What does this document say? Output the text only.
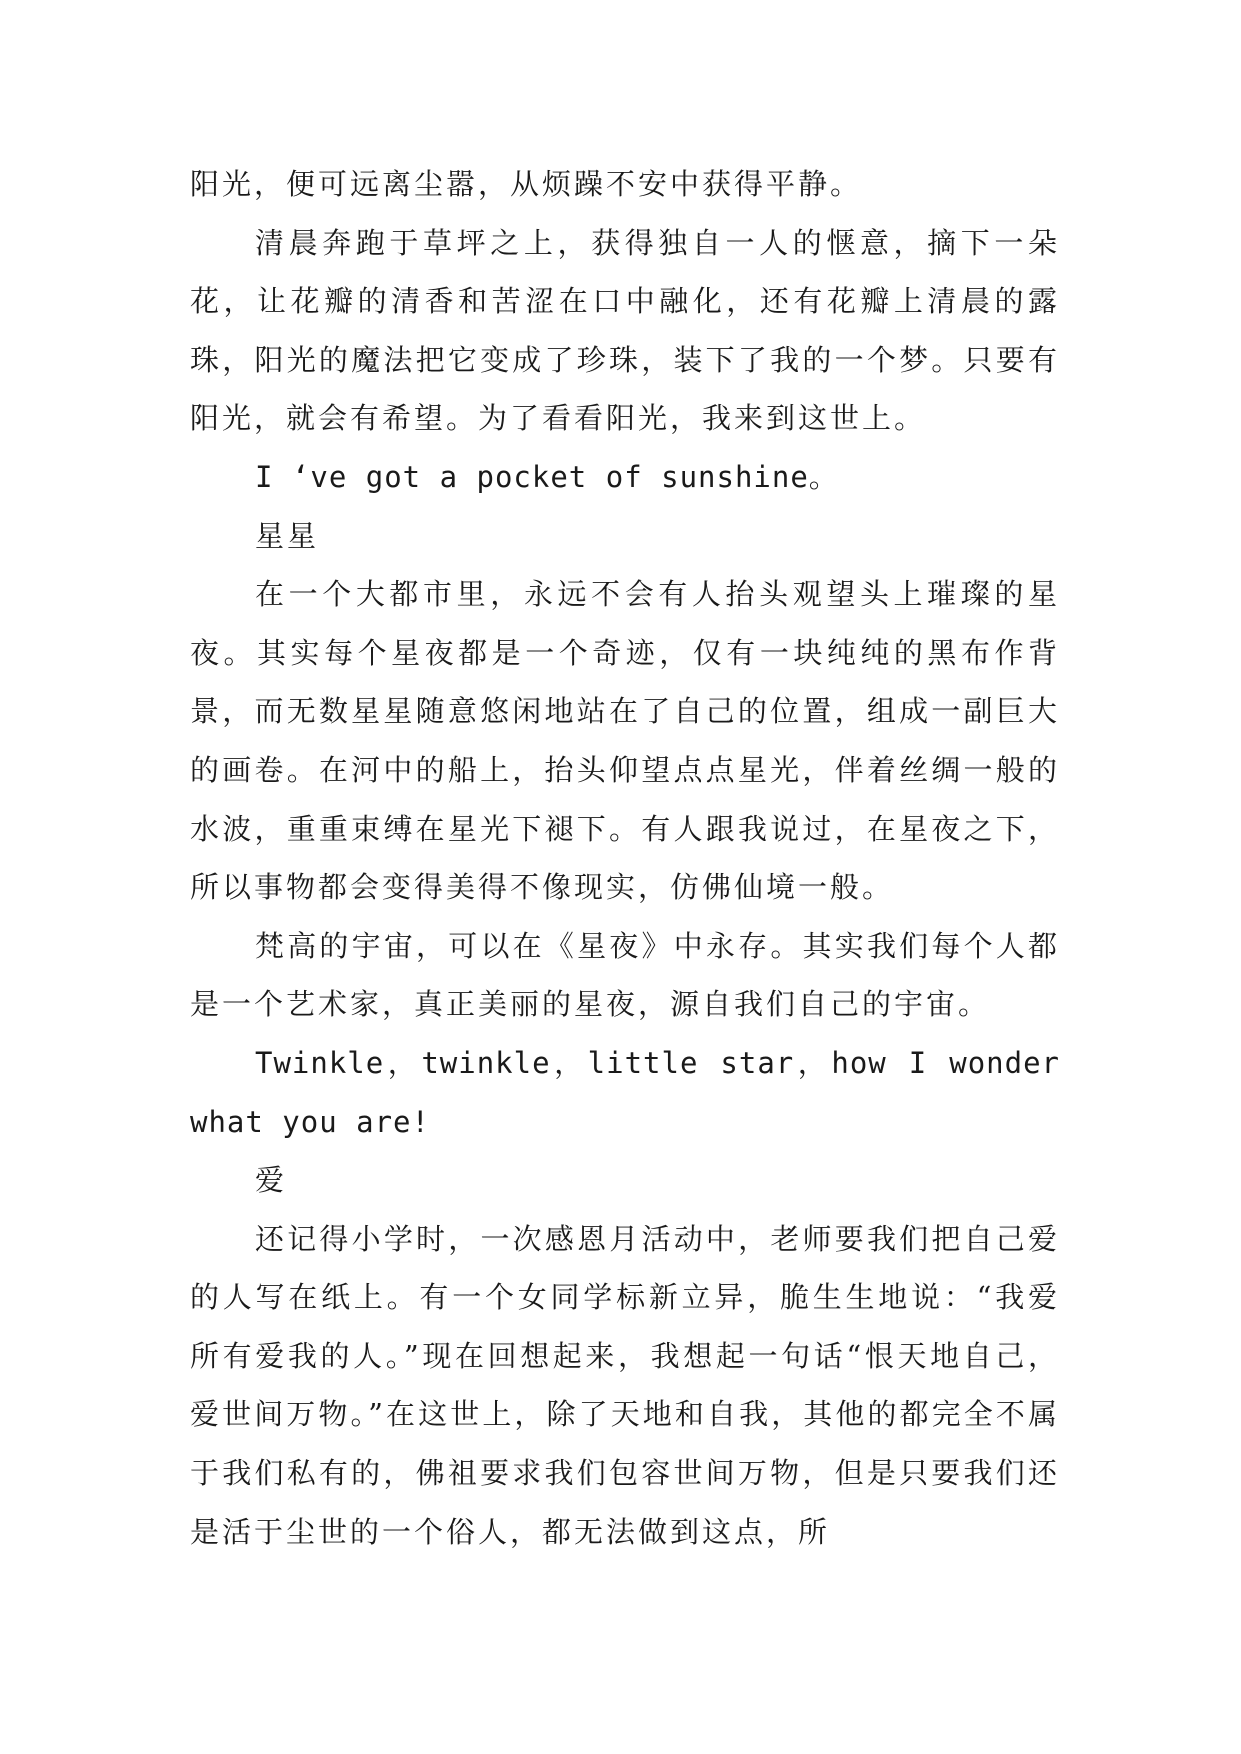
阳光，便可远离尘嚣，从烦躁不安中获得平静。

清晨奔跑于草坪之上，获得独自一人的惬意，摘下一朵花，让花瓣的清香和苦涩在口中融化，还有花瓣上清晨的露珠，阳光的魔法把它变成了珍珠，装下了我的一个梦。只要有阳光，就会有希望。为了看看阳光，我来到这世上。

I ‘ve got a pocket of sunshine。

星星

在一个大都市里，永远不会有人抬头观望头上璀璨的星夜。其实每个星夜都是一个奇迹，仅有一块纯纯的黑布作背景，而无数星星随意悠闲地站在了自己的位置，组成一副巨大的画卷。在河中的船上，抬头仰望点点星光，伴着丝绸一般的水波，重重束缚在星光下褪下。有人跟我说过，在星夜之下，所以事物都会变得美得不像现实，仿佛仙境一般。

梵高的宇宙，可以在《星夜》中永存。其实我们每个人都是一个艺术家，真正美丽的星夜，源自我们自己的宇宙。

Twinkle，twinkle，little star，how I wonder what you are!

爱

还记得小学时，一次感恩月活动中，老师要我们把自己爱的人写在纸上。有一个女同学标新立异，脆生生地说：“我爱所有爱我的人。”现在回想起来，我想起一句话“恨天地自己，爱世间万物。”在这世上，除了天地和自我，其他的都完全不属于我们私有的，佛祖要求我们包容世间万物，但是只要我们还是活于尘世的一个俗人，都无法做到这点，所
